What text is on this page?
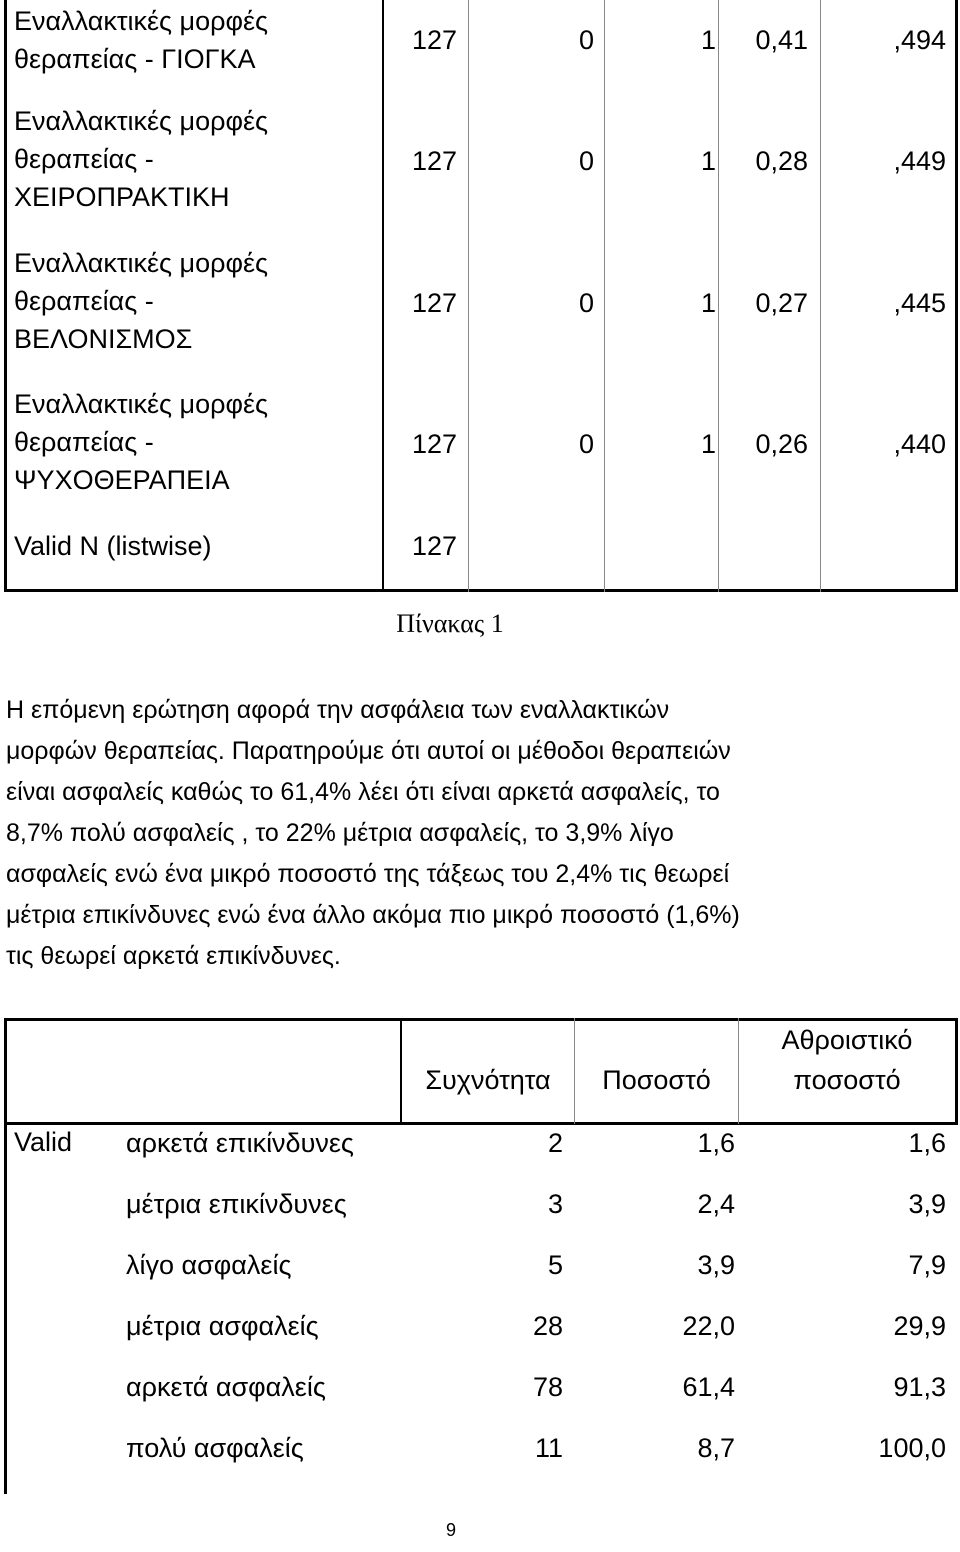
Εναλλακτικές μορφές
θεραπείας - ΓΙΟΓΚΑ
127	0	1 0,41	,494
Εναλλακτικές μορφές
θεραπείας -
ΧΕΙΡΟΠΡΑΚΤΙΚΗ
127	0	1 0,28	,449
Εναλλακτικές μορφές
θεραπείας -
ΒΕΛΟΝΙΣΜΟΣ
127	0	1 0,27	,445
Εναλλακτικές μορφές
θεραπείας -
ΨΥΧΟΘΕΡΑΠΕΙΑ
127	0	1 0,26	,440
Valid N (listwise)	127
Πίνακας 1
Η επόμενη ερώτηση αφορά την ασφάλεια των εναλλακτικών
μορφών θεραπείας. Παρατηρούμε ότι αυτοί οι μέθοδοι θεραπειών
είναι ασφαλείς καθώς το 61,4% λέει ότι είναι αρκετά ασφαλείς, το
8,7% πολύ ασφαλείς , το 22% μέτρια ασφαλείς, το 3,9% λίγο
ασφαλείς ενώ ένα μικρό ποσοστό της τάξεως του 2,4% τις θεωρεί
μέτρια επικίνδυνες ενώ ένα άλλο ακόμα πιο μικρό ποσοστό (1,6%)
τις θεωρεί αρκετά επικίνδυνες.
Συχνότητα	Ποσοστό
Αθροιστικό
ποσοστό
Valid αρκετά επικίνδυνες	2	1,6	1,6
μέτρια επικίνδυνες	3	2,4	3,9
λίγο ασφαλείς	5	3,9	7,9
μέτρια ασφαλείς	28	22,0	29,9
αρκετά ασφαλείς	78	61,4	91,3
πολύ ασφαλείς	11	8,7	100,0
9
